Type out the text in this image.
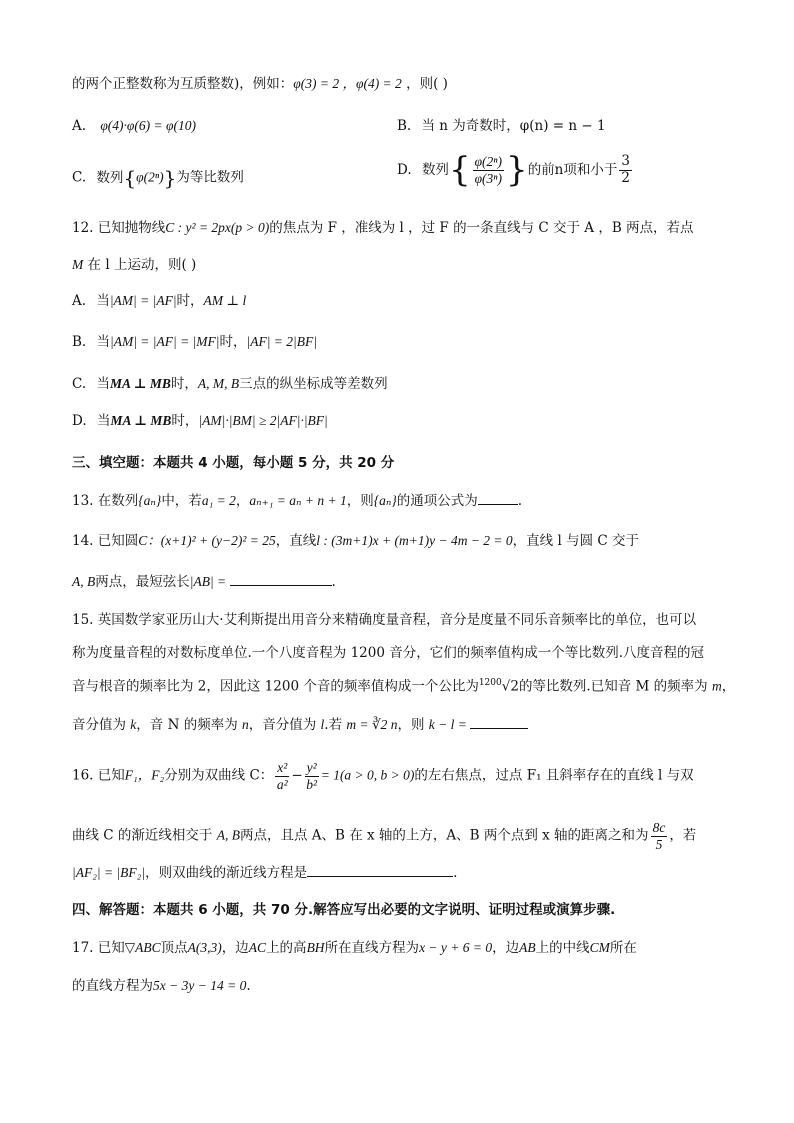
的两个正整数称为互质整数)，例如：φ(3) = 2 ，φ(4) = 2 ，则( )
A. φ(4)·φ(6) = φ(10)	B. 当 n 为奇数时，φ(n) = n − 1
C. 数列{φ(2ⁿ)}为等比数列	D. 数列{ $\frac{\text{φ(2ⁿ)}}{\text{φ(3ⁿ)}}$ }的前n项和小于 $\frac{3}{2}$
12. 已知抛物线C : y² = 2px(p > 0)的焦点为 F ，准线为 l ，过 F 的一条直线与 C 交于 A ，B 两点，若点
M 在 l 上运动，则( )
A. 当|AM| = |AF|时，AM ⊥ l
B. 当|AM| = |AF| = |MF|时，|AF| = 2|BF|
C. 当MA ⊥ MB时，A, M, B三点的纵坐标成等差数列
D. 当MA ⊥ MB时，|AM|·|BM| ≥ 2|AF|·|BF|
三、填空题：本题共 4 小题，每小题 5 分，共 20 分
13. 在数列{aₙ}中，若a₁ = 2，aₙ₊₁ = aₙ + n + 1，则{aₙ}的通项公式为	.
14. 已知圆C：(x+1)² + (y−2)² = 25，直线l : (3m+1)x + (m+1)y − 4m − 2 = 0，直线 l 与圆 C 交于
A, B两点，最短弦长|AB| =	.
15. 英国数学家亚历山大·艾利斯提出用音分来精确度量音程，音分是度量不同乐音频率比的单位，也可以
称为度量音程的对数标度单位.一个八度音程为 1200 音分，它们的频率值构成一个等比数列.八度音程的冠
音与根音的频率比为 2，因此这 1200 个音的频率值构成一个公比为$^{1200}$√2的等比数列.已知音 M 的频率为 m，
音分值为 k，音 N 的频率为 n，音分值为 l.若 m = ∛2 n，则 k − l =
16. 已知F₁，F₂分别为双曲线 C： $\frac{\text{x²}}{\text{a²}} - \frac{\text{y²}}{\text{b²}} = 1(a > 0$, b > 0)的左右焦点，过点 F₁ 且斜率存在的直线 l 与双
曲线 C 的渐近线相交于 A, B两点，且点 A、B 在 x 轴的上方，A、B 两个点到 x 轴的距离之和为 $\frac{8c}{5}$ ，若
|AF₂| = |BF₂|，则双曲线的渐近线方程是	.
四、解答题：本题共 6 小题，共 70 分.解答应写出必要的文字说明、证明过程或演算步骤.
17. 已知▽ABC顶点A(3,3)，边AC上的高BH所在直线方程为x − y + 6 = 0，边AB上的中线CM所在
的直线方程为5x − 3y − 14 = 0.
